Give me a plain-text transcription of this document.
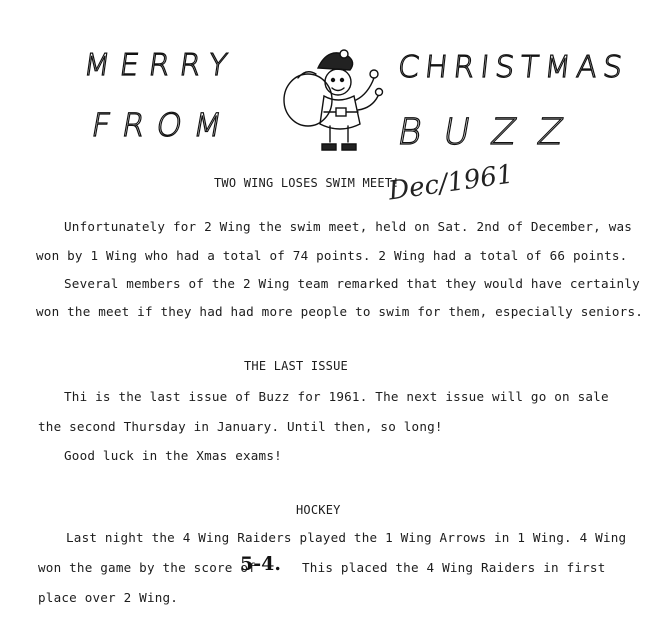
MERRY
FROM
CHRISTMAS
BUZZ
Dec/1961
TWO WING LOSES SWIM MEET!
Unfortunately for 2 Wing the swim meet, held on Sat. 2nd of December, was
won by 1 Wing who had a total of 74 points. 2 Wing had a total of 66 points.
Several members of the 2 Wing team remarked that they would have certainly
won the meet if they had had more people to swim for them, especially seniors.
THE LAST ISSUE
Thi is the last issue of Buzz for 1961. The next issue will go on sale
the second Thursday in January. Until then, so long!
Good luck in the Xmas exams!
HOCKEY
Last night the 4 Wing Raiders played the 1 Wing Arrows in 1 Wing. 4 Wing
won the game by the score of
5-4. This placed the 4 Wing Raiders in first
place over 2 Wing.
